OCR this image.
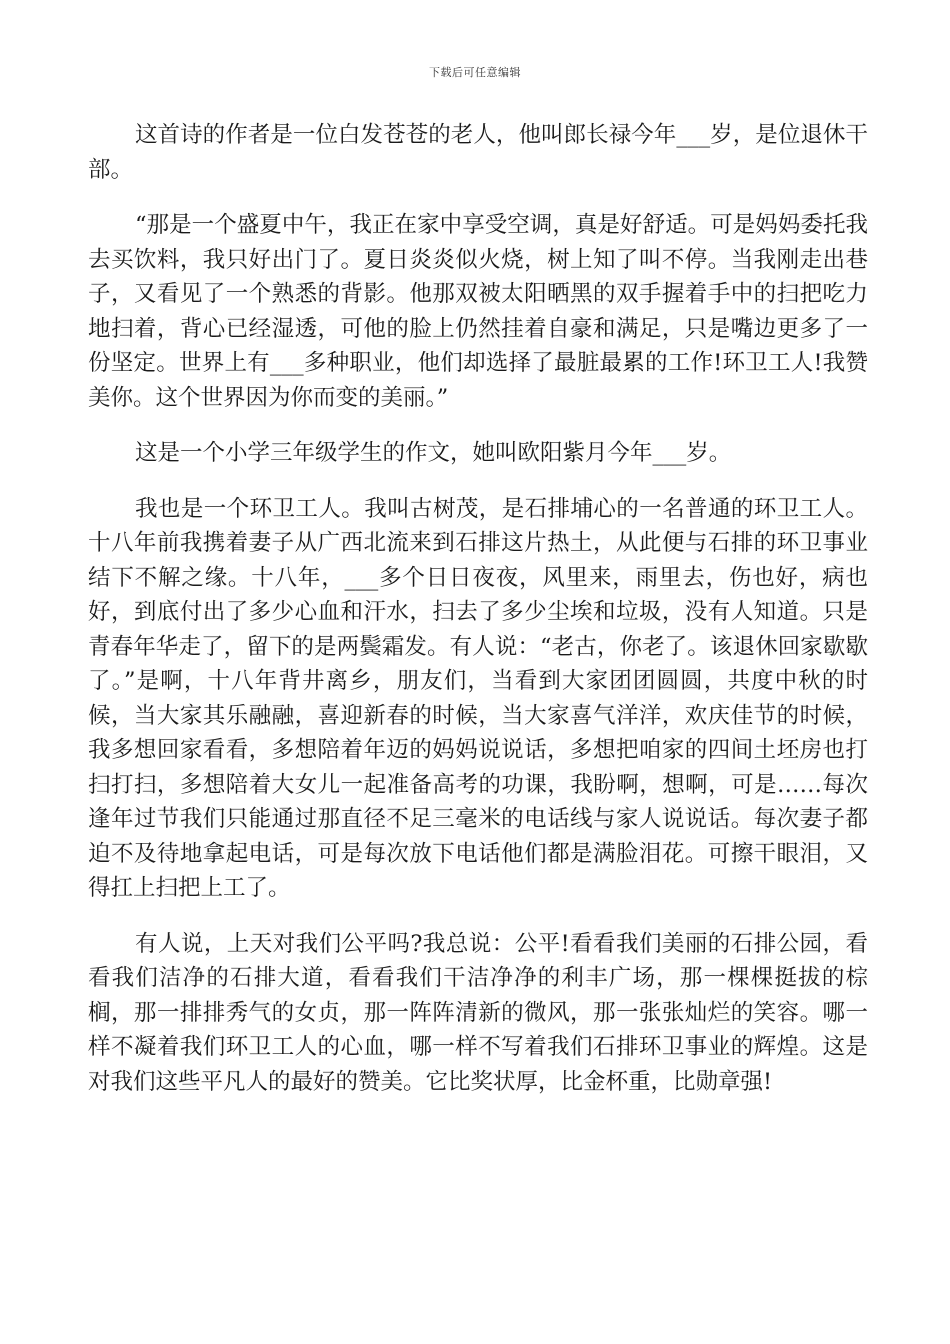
下载后可任意编辑

这首诗的作者是一位白发苍苍的老人，他叫郎长禄今年___岁，是位退休干部。

“那是一个盛夏中午，我正在家中享受空调，真是好舒适。可是妈妈委托我去买饮料，我只好出门了。夏日炎炎似火烧，树上知了叫不停。当我刚走出巷子，又看见了一个熟悉的背影。他那双被太阳晒黑的双手握着手中的扫把吃力地扫着，背心已经湿透，可他的脸上仍然挂着自豪和满足，只是嘴边更多了一份坚定。世界上有___多种职业，他们却选择了最脏最累的工作!环卫工人!我赞美你。这个世界因为你而变的美丽。”

这是一个小学三年级学生的作文，她叫欧阳紫月今年___岁。

我也是一个环卫工人。我叫古树茂，是石排埔心的一名普通的环卫工人。十八年前我携着妻子从广西北流来到石排这片热土，从此便与石排的环卫事业结下不解之缘。十八年，___多个日日夜夜，风里来，雨里去，伤也好，病也好，到底付出了多少心血和汗水，扫去了多少尘埃和垃圾，没有人知道。只是青春年华走了，留下的是两鬓霜发。有人说：“老古，你老了。该退休回家歇歇了。”是啊，十八年背井离乡，朋友们，当看到大家团团圆圆，共度中秋的时候，当大家其乐融融，喜迎新春的时候，当大家喜气洋洋，欢庆佳节的时候，我多想回家看看，多想陪着年迈的妈妈说说话，多想把咱家的四间土坯房也打扫打扫，多想陪着大女儿一起准备高考的功课，我盼啊，想啊，可是……每次逢年过节我们只能通过那直径不足三毫米的电话线与家人说说话。每次妻子都迫不及待地拿起电话，可是每次放下电话他们都是满脸泪花。可擦干眼泪，又得扛上扫把上工了。

有人说，上天对我们公平吗?我总说：公平!看看我们美丽的石排公园，看看我们洁净的石排大道，看看我们干洁净净的利丰广场，那一棵棵挺拔的棕榈，那一排排秀气的女贞，那一阵阵清新的微风，那一张张灿烂的笑容。哪一样不凝着我们环卫工人的心血，哪一样不写着我们石排环卫事业的辉煌。这是对我们这些平凡人的最好的赞美。它比奖状厚，比金杯重，比勋章强!
